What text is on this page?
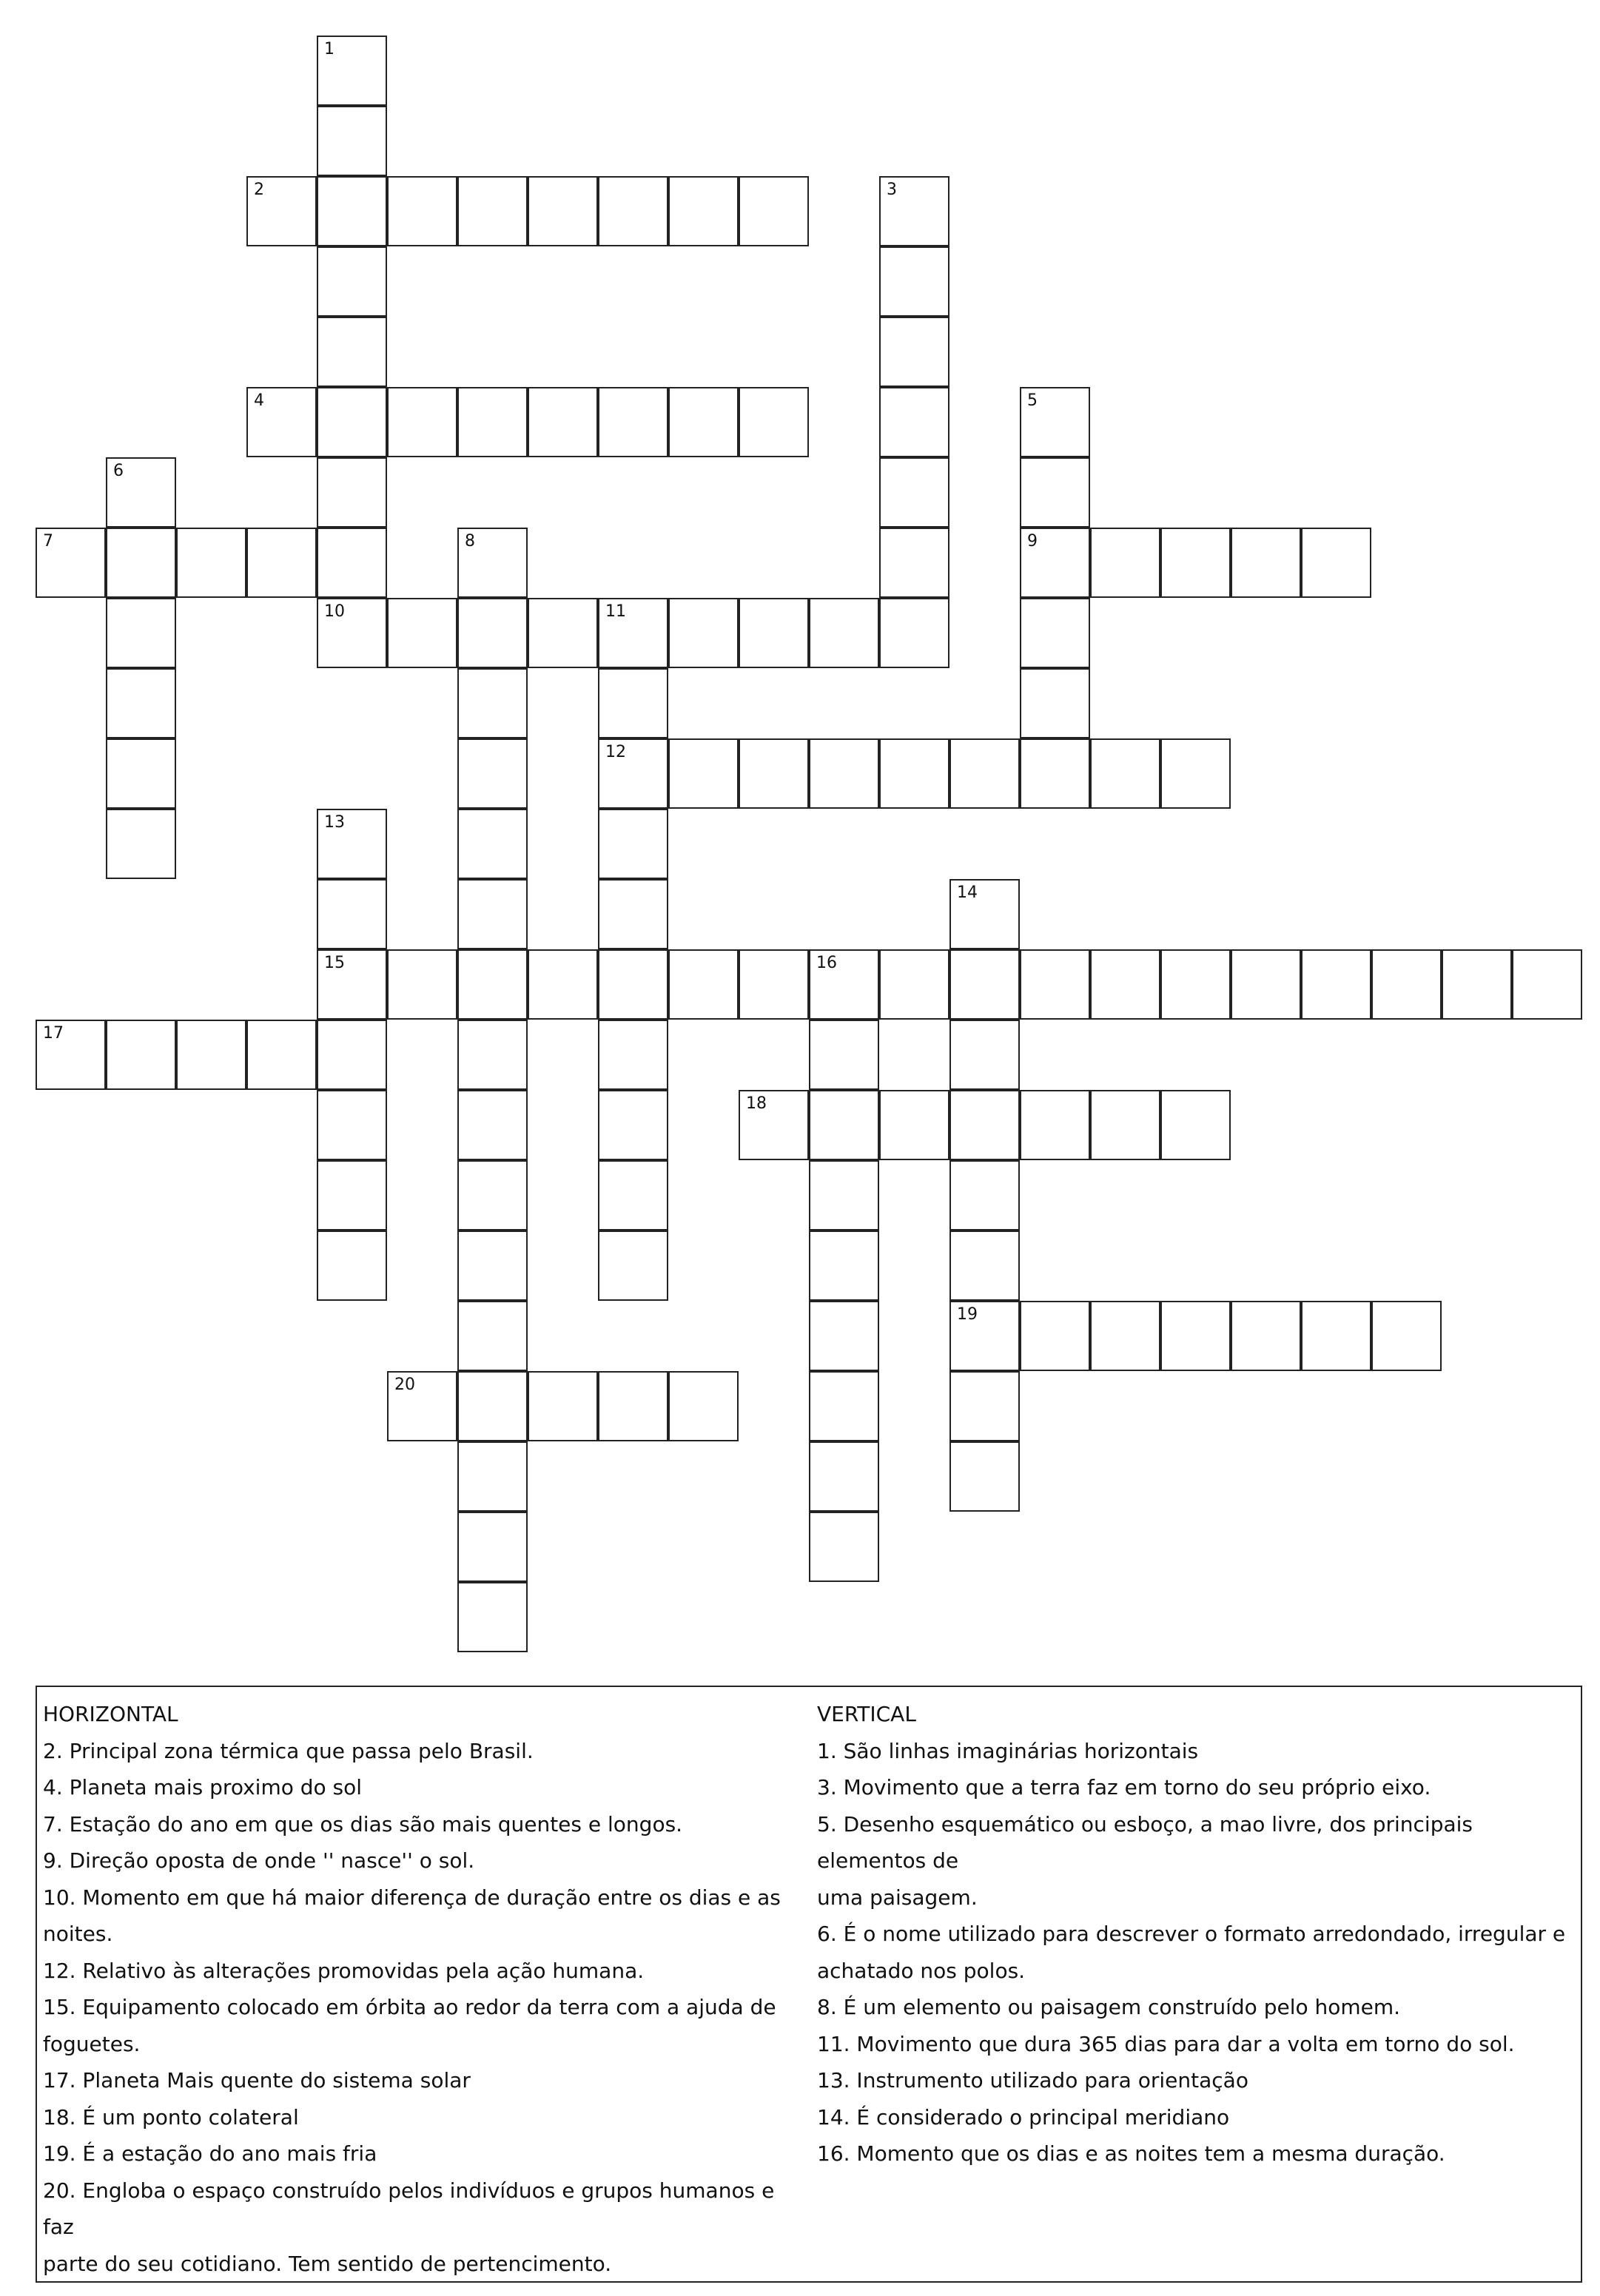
1
2	3
4	5
9
6
7	8
10	11
12
13
15
14
19
16
17
18
20
HORIZONTAL
2. Principal zona térmica que passa pelo Brasil.
4. Planeta mais proximo do sol
7. Estação do ano em que os dias são mais quentes e longos.
9. Direção oposta de onde '' nasce'' o sol.
10. Momento em que há maior diferença de duração entre os dias e as
noites.
12. Relativo às alterações promovidas pela ação humana.
15. Equipamento colocado em órbita ao redor da terra com a ajuda de
foguetes.
17. Planeta Mais quente do sistema solar
18. É um ponto colateral
19. É a estação do ano mais fria
20. Engloba o espaço construído pelos indivíduos e grupos humanos e faz
parte do seu cotidiano. Tem sentido de pertencimento.
VERTICAL
1. São linhas imaginárias horizontais
3. Movimento que a terra faz em torno do seu próprio eixo.
5. Desenho esquemático ou esboço, a mao livre, dos principais elementos de
uma paisagem.
6. É o nome utilizado para descrever o formato arredondado, irregular e
achatado nos polos.
8. É um elemento ou paisagem construído pelo homem.
11. Movimento que dura 365 dias para dar a volta em torno do sol.
13. Instrumento utilizado para orientação
14. É considerado o principal meridiano
16. Momento que os dias e as noites tem a mesma duração.
